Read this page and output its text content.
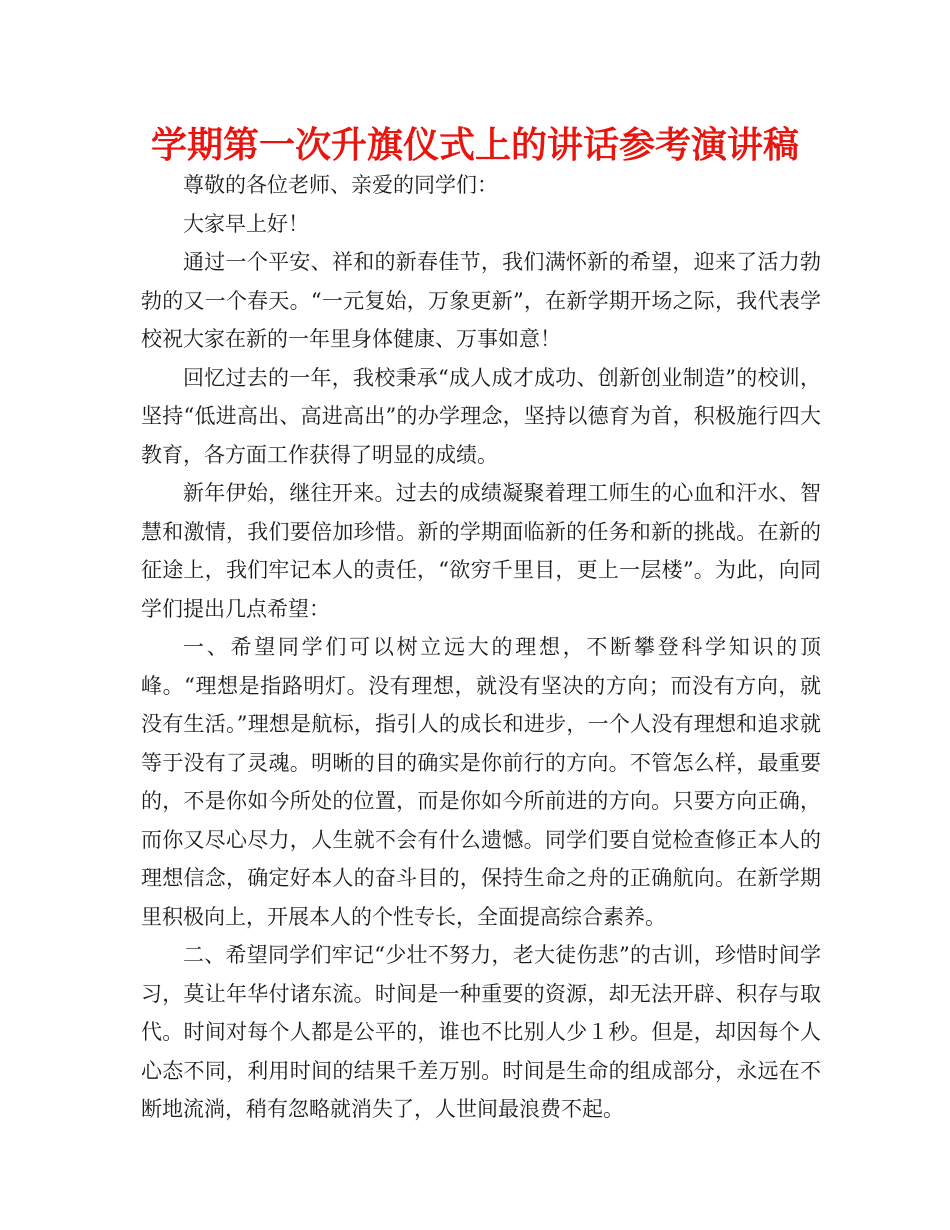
学期第一次升旗仪式上的讲话参考演讲稿

尊敬的各位老师、亲爱的同学们：

大家早上好！

通过一个平安、祥和的新春佳节，我们满怀新的希望，迎来了活力勃勃的又一个春天。“一元复始，万象更新”，在新学期开场之际，我代表学校祝大家在新的一年里身体健康、万事如意！

回忆过去的一年，我校秉承“成人成才成功、创新创业制造”的校训，坚持“低进高出、高进高出”的办学理念，坚持以德育为首，积极施行四大教育，各方面工作获得了明显的成绩。

新年伊始，继往开来。过去的成绩凝聚着理工师生的心血和汗水、智慧和激情，我们要倍加珍惜。新的学期面临新的任务和新的挑战。在新的征途上，我们牢记本人的责任，“欲穷千里目，更上一层楼”。为此，向同学们提出几点希望：

一、希望同学们可以树立远大的理想，不断攀登科学知识的顶峰。“理想是指路明灯。没有理想，就没有坚决的方向；而没有方向，就没有生活。”理想是航标，指引人的成长和进步，一个人没有理想和追求就等于没有了灵魂。明晰的目的确实是你前行的方向。不管怎么样，最重要的，不是你如今所处的位置，而是你如今所前进的方向。只要方向正确，而你又尽心尽力，人生就不会有什么遗憾。同学们要自觉检查修正本人的理想信念，确定好本人的奋斗目的，保持生命之舟的正确航向。在新学期里积极向上，开展本人的个性专长，全面提高综合素养。

二、希望同学们牢记“少壮不努力，老大徒伤悲”的古训，珍惜时间学习，莫让年华付诸东流。时间是一种重要的资源，却无法开辟、积存与取代。时间对每个人都是公平的，谁也不比别人少１秒。但是，却因每个人心态不同，利用时间的结果千差万别。时间是生命的组成部分，永远在不断地流淌，稍有忽略就消失了，人世间最浪费不起。
